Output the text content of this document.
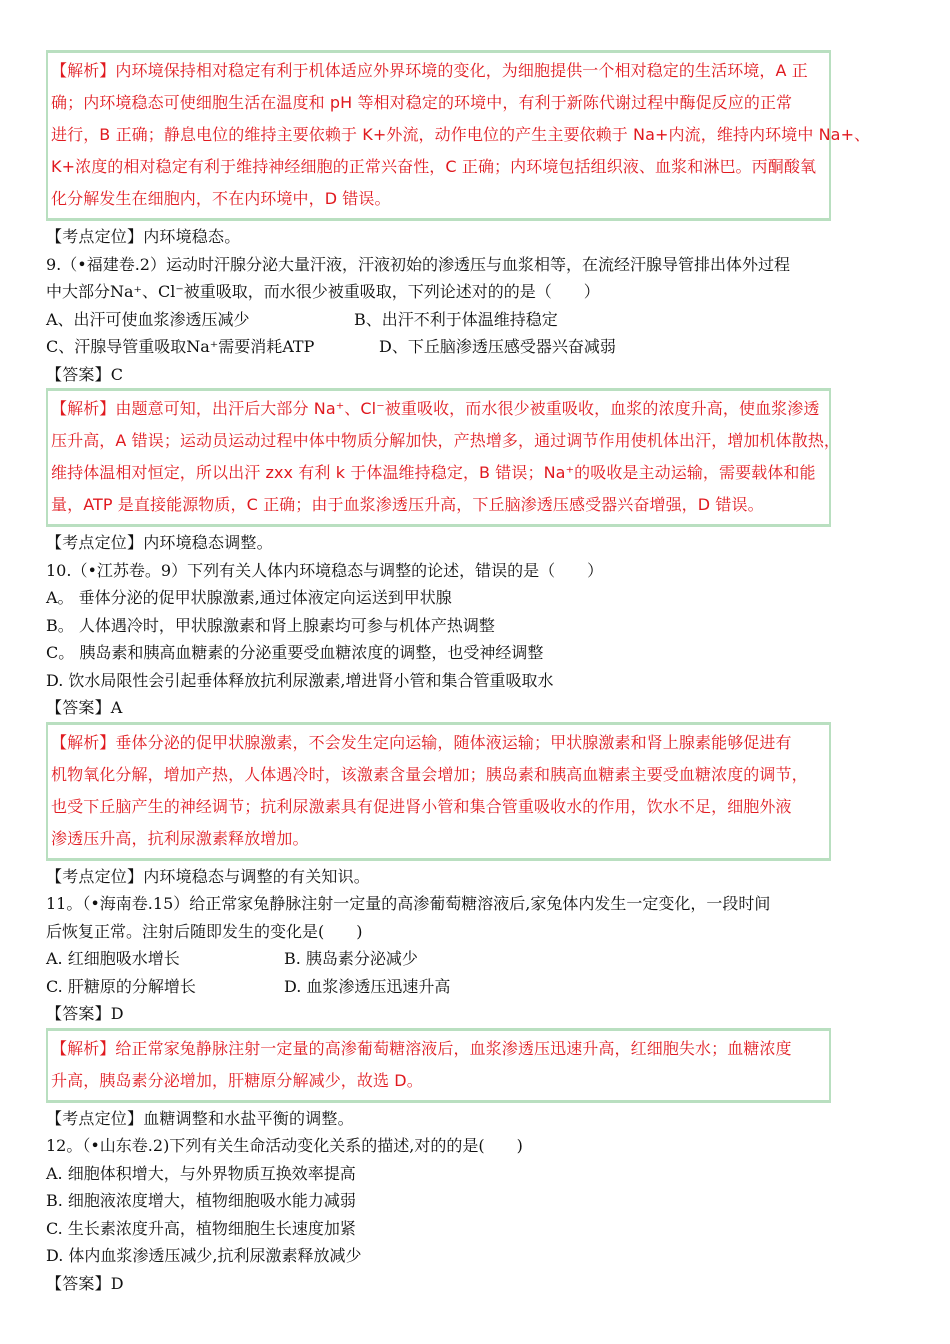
【解析】内环境保持相对稳定有利于机体适应外界环境的变化，为细胞提供一个相对稳定的生活环境，A 正
确；内环境稳态可使细胞生活在温度和 pH 等相对稳定的环境中，有利于新陈代谢过程中酶促反应的正常
进行，B 正确；静息电位的维持主要依赖于 K+外流，动作电位的产生主要依赖于 Na+内流，维持内环境中 Na+、
K+浓度的相对稳定有利于维持神经细胞的正常兴奋性，C 正确；内环境包括组织液、血浆和淋巴。丙酮酸氧
化分解发生在细胞内，不在内环境中，D 错误。
【考点定位】内环境稳态。
9.（•福建卷.2）运动时汗腺分泌大量汗液，汗液初始的渗透压与血浆相等，在流经汗腺导管排出体外过程
中大部分Na⁺、Cl⁻被重吸取，而水很少被重吸取，下列论述对的的是（　　）
A、出汗可使血浆渗透压减少	B、出汗不利于体温维持稳定
C、汗腺导管重吸取Na⁺需要消耗ATP	D、下丘脑渗透压感受器兴奋减弱
【答案】C
【解析】由题意可知，出汗后大部分 Na⁺、Cl⁻被重吸收，而水很少被重吸收，血浆的浓度升高，使血浆渗透
压升高，A 错误；运动员运动过程中体中物质分解加快，产热增多，通过调节作用使机体出汗，增加机体散热，
维持体温相对恒定，所以出汗 zxx 有利 k 于体温维持稳定，B 错误；Na⁺的吸收是主动运输，需要载体和能
量，ATP 是直接能源物质，C 正确；由于血浆渗透压升高，下丘脑渗透压感受器兴奋增强，D 错误。
【考点定位】内环境稳态调整。
10.（•江苏卷。9）下列有关人体内环境稳态与调整的论述，错误的是（　　）
A。 垂体分泌的促甲状腺激素,通过体液定向运送到甲状腺
B。 人体遇冷时，甲状腺激素和肾上腺素均可参与机体产热调整
C。 胰岛素和胰高血糖素的分泌重要受血糖浓度的调整，也受神经调整
D. 饮水局限性会引起垂体释放抗利尿激素,增进肾小管和集合管重吸取水
【答案】A
【解析】垂体分泌的促甲状腺激素，不会发生定向运输，随体液运输；甲状腺激素和肾上腺素能够促进有
机物氧化分解，增加产热，人体遇冷时，该激素含量会增加；胰岛素和胰高血糖素主要受血糖浓度的调节，
也受下丘脑产生的神经调节；抗利尿激素具有促进肾小管和集合管重吸收水的作用，饮水不足，细胞外液
渗透压升高，抗利尿激素释放增加。
【考点定位】内环境稳态与调整的有关知识。
11。（•海南卷.15）给正常家兔静脉注射一定量的高渗葡萄糖溶液后,家兔体内发生一定变化，一段时间
后恢复正常。注射后随即发生的变化是(　　)
A. 红细胞吸水增长	B. 胰岛素分泌减少
C. 肝糖原的分解增长	D. 血浆渗透压迅速升高
【答案】D
【解析】给正常家兔静脉注射一定量的高渗葡萄糖溶液后，血浆渗透压迅速升高，红细胞失水；血糖浓度
升高，胰岛素分泌增加，肝糖原分解减少，故选 D。
【考点定位】血糖调整和水盐平衡的调整。
12。（•山东卷.2)下列有关生命活动变化关系的描述,对的的是(　　)
A. 细胞体积增大，与外界物质互换效率提高
B. 细胞液浓度增大，植物细胞吸水能力减弱
C. 生长素浓度升高，植物细胞生长速度加紧
D. 体内血浆渗透压减少,抗利尿激素释放减少
【答案】D
